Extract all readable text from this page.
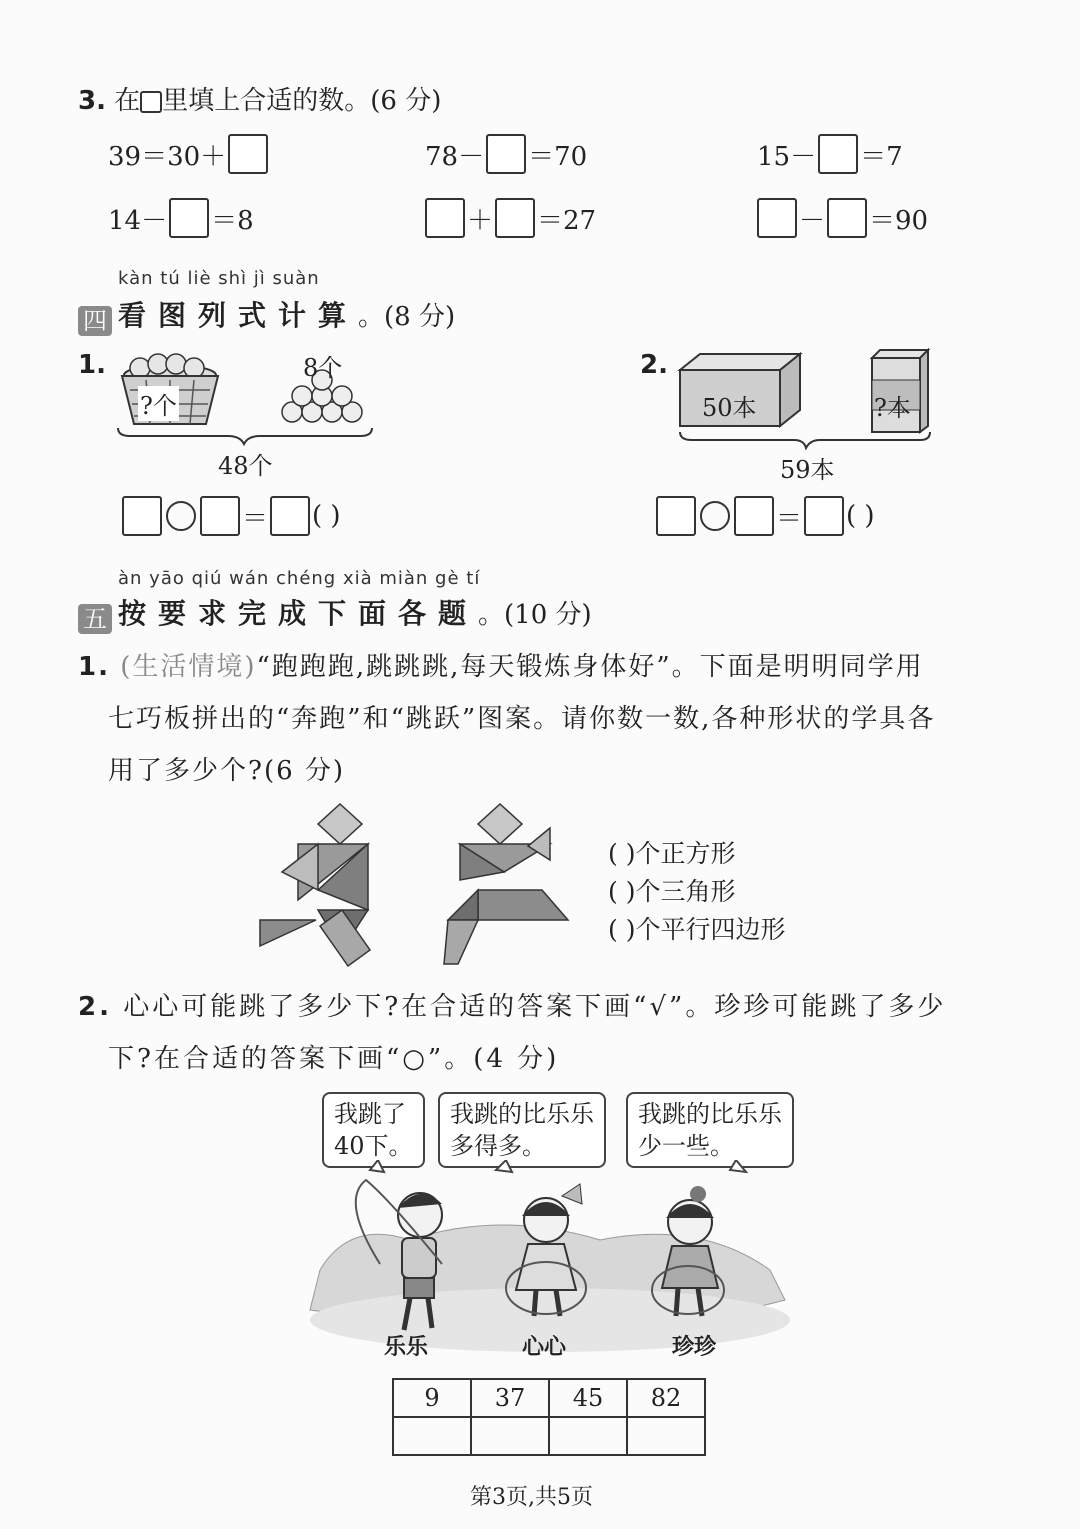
3. 在 里填上合适的数。(6 分)
39＝30＋	78－ ＝70	15－ ＝7
14－ ＝8	＋ ＝27	－ ＝90
kàn tú liè shì jì suàn
四 看图列式计算。(8 分)
1.
?个
8个
48个
＝ ( )
2.
50本	?本
59本
＝ ( )
àn yāo qiú wán chéng xià miàn gè tí
五 按要求完成下面各题。(10 分)
1. (生活情境)“跑跑跑,跳跳跳,每天锻炼身体好”。下面是明明同学用
七巧板拼出的“奔跑”和“跳跃”图案。请你数一数,各种形状的学具各
用了多少个?(6 分)
( )个正方形
( )个三角形
( )个平行四边形
2. 心心可能跳了多少下?在合适的答案下画“√”。珍珍可能跳了多少
下?在合适的答案下画“○”。(4 分)
我跳了
40下。
我跳的比乐乐
多得多。
我跳的比乐乐
少一些。
乐乐	心心	珍珍
9	37	45	82

第3页,共5页
